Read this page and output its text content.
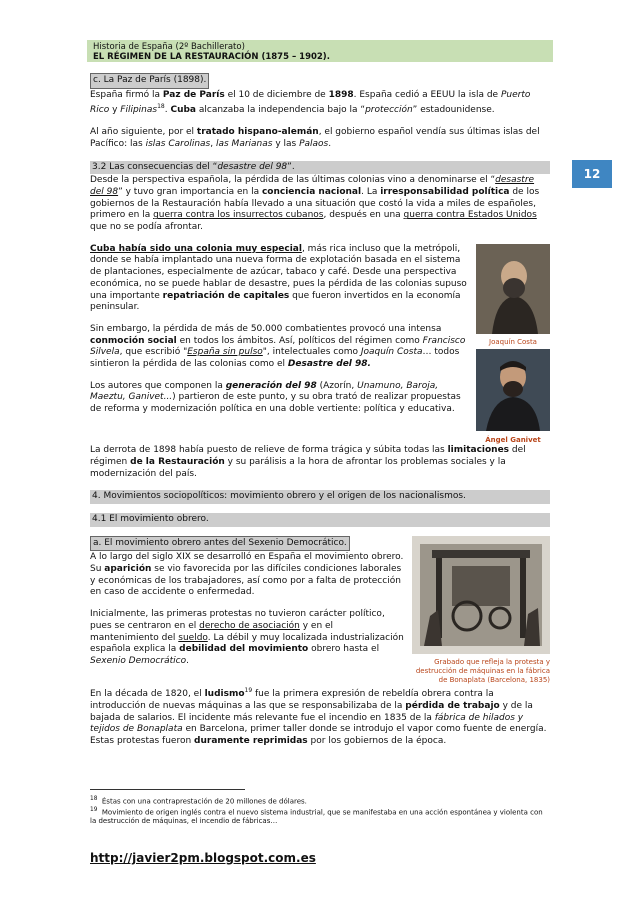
Historia de España (2º Bachillerato)
EL RÉGIMEN DE LA RESTAURACIÓN (1875 – 1902).
12
c. La Paz de París (1898).

España firmó la Paz de París el 10 de diciembre de 1898. España cedió a EEUU la isla de Puerto Rico y Filipinas$^{18}$. Cuba alcanzaba la independencia bajo la “protección” estadounidense.

Al año siguiente, por el tratado hispano-alemán, el gobierno español vendía sus últimas islas del Pacífico: las islas Carolinas, las Marianas y las Palaos.

3.2 Las consecuencias del “desastre del 98”.

Desde la perspectiva española, la pérdida de las últimas colonias vino a denominarse el “desastre del 98” y tuvo gran importancia en la conciencia nacional. La irresponsabilidad política de los gobiernos de la Restauración había llevado a una situación que costó la vida a miles de españoles, primero en la guerra contra los insurrectos cubanos, después en una guerra contra Estados Unidos que no se podía afrontar.

Joaquín Costa
Ángel Ganivet

Cuba había sido una colonia muy especial, más rica incluso que la metrópoli, donde se había implantado una nueva forma de explotación basada en el sistema de plantaciones, especialmente de azúcar, tabaco y café. Desde una perspectiva económica, no se puede hablar de desastre, pues la pérdida de las colonias supuso una importante repatriación de capitales que fueron invertidos en la economía peninsular.

Sin embargo, la pérdida de más de 50.000 combatientes provocó una intensa conmoción social en todos los ámbitos. Así, políticos del régimen como Francisco Silvela, que escribió "España sin pulso", intelectuales como Joaquín Costa… todos sintieron la pérdida de las colonias como el Desastre del 98.

Los autores que componen la generación del 98 (Azorín, Unamuno, Baroja, Maeztu, Ganivet...) partieron de este punto, y su obra trató de realizar propuestas de reforma y modernización política en una doble vertiente: política y educativa.

La derrota de 1898 había puesto de relieve de forma trágica y súbita todas las limitaciones del régimen de la Restauración y su parálisis a la hora de afrontar los problemas sociales y la modernización del país.

4. Movimientos sociopolíticos: movimiento obrero y el origen de los nacionalismos.
4.1 El movimiento obrero.
Grabado que refleja la protesta y destrucción de máquinas en la fábrica de Bonaplata (Barcelona, 1835)
a. El movimiento obrero antes del Sexenio Democrático.

A lo largo del siglo XIX se desarrolló en España el movimiento obrero. Su aparición se vio favorecida por las difíciles condiciones laborales y económicas de los trabajadores, así como por a falta de protección en caso de accidente o enfermedad.

Inicialmente, las primeras protestas no tuvieron carácter político, pues se centraron en el derecho de asociación y en el mantenimiento del sueldo. La débil y muy localizada industrialización española explica la debilidad del movimiento obrero hasta el Sexenio Democrático.

En la década de 1820, el ludismo$^{19}$ fue la primera expresión de rebeldía obrera contra la introducción de nuevas máquinas a las que se responsabilizaba de la pérdida de trabajo y de la bajada de salarios. El incidente más relevante fue el incendio en 1835 de la fábrica de hilados y tejidos de Bonaplata en Barcelona, primer taller donde se introdujo el vapor como fuente de energía. Estas protestas fueron duramente reprimidas por los gobiernos de la época.

$^{18}$ Éstas con una contraprestación de 20 millones de dólares.
$^{19}$ Movimiento de origen inglés contra el nuevo sistema industrial, que se manifestaba en una acción espontánea y violenta con la destrucción de máquinas, el incendio de fábricas…
http://javier2pm.blogspot.com.es
